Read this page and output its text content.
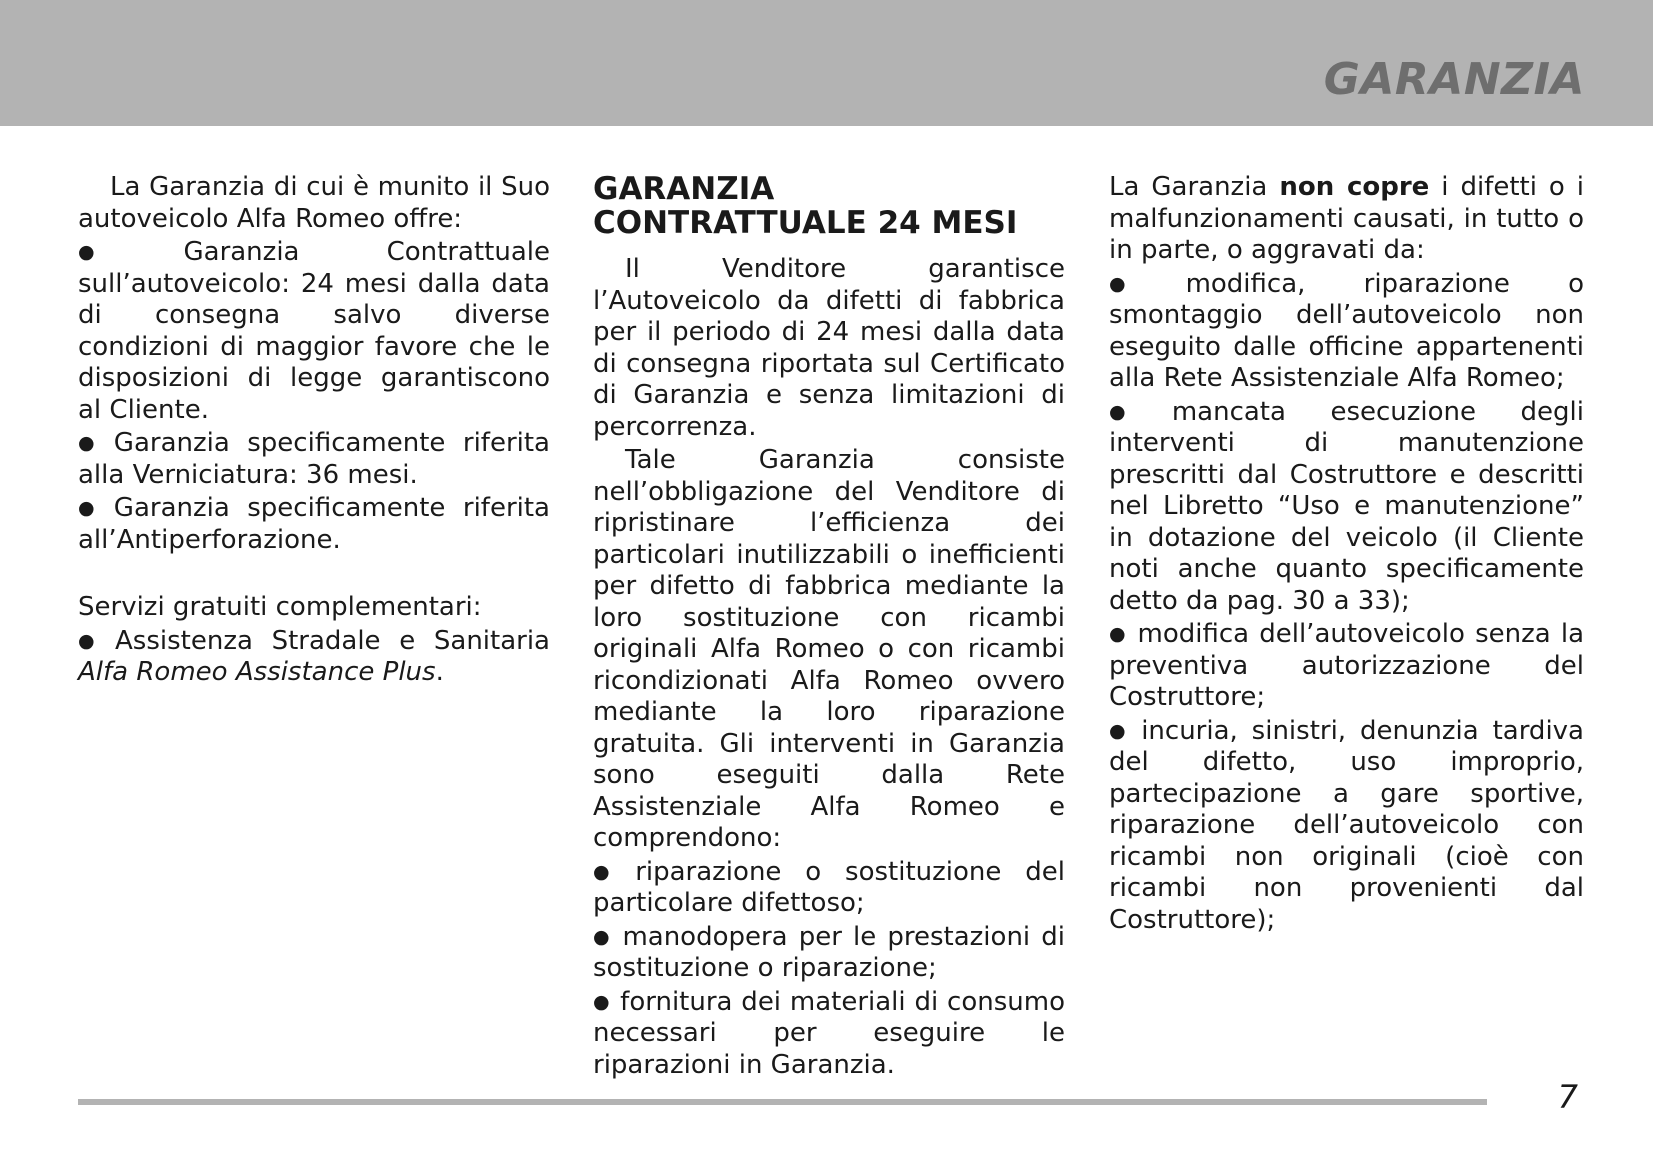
GARANZIA

La Garanzia di cui è munito il Suo autoveicolo Alfa Romeo offre:

● Garanzia Contrattuale sull’autoveicolo: 24 mesi dalla data di consegna salvo diverse condizioni di maggior favore che le disposizioni di legge garantiscono al Cliente.

● Garanzia specificamente riferita alla Verniciatura: 36 mesi.

● Garanzia specificamente riferita all’Antiperforazione.

Servizi gratuiti complementari:

● Assistenza Stradale e Sanitaria Alfa Romeo Assistance Plus.

GARANZIA
CONTRATTUALE 24 MESI

Il Venditore garantisce l’Autoveicolo da difetti di fabbrica per il periodo di 24 mesi dalla data di consegna riportata sul Certificato di Garanzia e senza limitazioni di percorrenza.

Tale Garanzia consiste nell’obbligazione del Venditore di ripristinare l’efficienza dei particolari inutilizzabili o inefficienti per difetto di fabbrica mediante la loro sostituzione con ricambi originali Alfa Romeo o con ricambi ricondizionati Alfa Romeo ovvero mediante la loro riparazione gratuita. Gli interventi in Garanzia sono eseguiti dalla Rete Assistenziale Alfa Romeo e comprendono:

● riparazione o sostituzione del particolare difettoso;

● manodopera per le prestazioni di sostituzione o riparazione;

● fornitura dei materiali di consumo necessari per eseguire le riparazioni in Garanzia.

La Garanzia non copre i difetti o i malfunzionamenti causati, in tutto o in parte, o aggravati da:

● modifica, riparazione o smontaggio dell’autoveicolo non eseguito dalle officine appartenenti alla Rete Assistenziale Alfa Romeo;

● mancata esecuzione degli interventi di manutenzione prescritti dal Costruttore e descritti nel Libretto “Uso e manutenzione” in dotazione del veicolo (il Cliente noti anche quanto specificamente detto da pag. 30 a 33);

● modifica dell’autoveicolo senza la preventiva autorizzazione del Costruttore;

● incuria, sinistri, denunzia tardiva del difetto, uso improprio, partecipazione a gare sportive, riparazione dell’autoveicolo con ricambi non originali (cioè con ricambi non provenienti dal Costruttore);

7
